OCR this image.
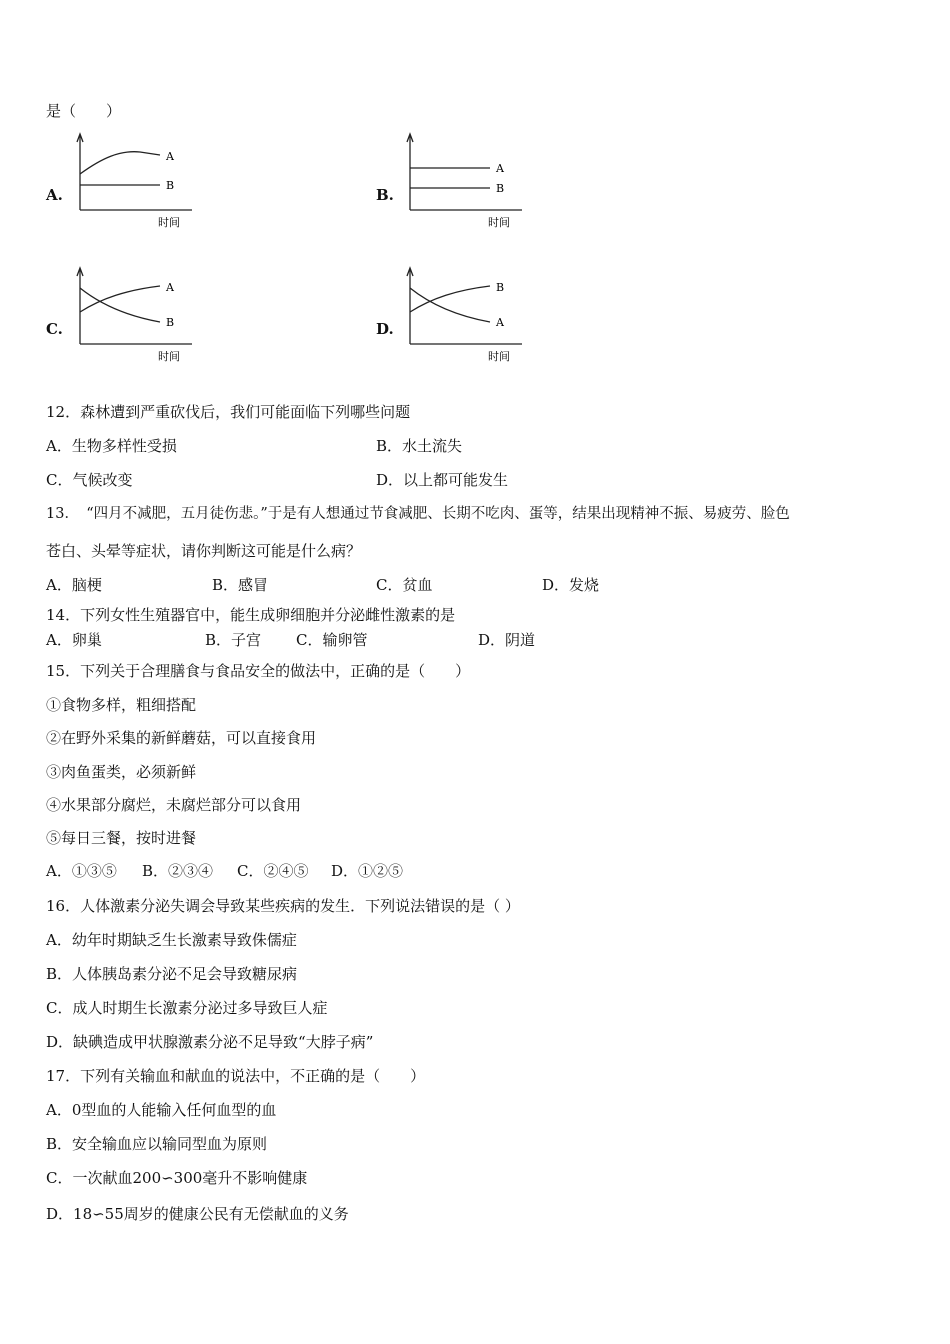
是（　　）
A.
A
B
时间
B.
A
B
时间
C.
A
B
时间
D.
B
A
时间
12．森林遭到严重砍伐后，我们可能面临下列哪些问题
A．生物多样性受损	B．水土流失
C．气候改变	D．以上都可能发生
13．　“四月不减肥，五月徒伤悲。”于是有人想通过节食减肥、长期不吃肉、蛋等，结果出现精神不振、易疲劳、脸色
苍白、头晕等症状，请你判断这可能是什么病？
A．脑梗	B．感冒	C．贫血	D．发烧
14．下列女性生殖器官中，能生成卵细胞并分泌雌性激素的是
A．卵巢	B．子宫 C．输卵管	D．阴道
15．下列关于合理膳食与食品安全的做法中，正确的是（　　）
①食物多样，粗细搭配
②在野外采集的新鲜蘑菇，可以直接食用
③肉鱼蛋类，必须新鲜
④水果部分腐烂，未腐烂部分可以食用
⑤每日三餐，按时进餐
A．①③⑤ B．②③④ C．②④⑤ D．①②⑤
16．人体激素分泌失调会导致某些疾病的发生．下列说法错误的是（ ）
A．幼年时期缺乏生长激素导致侏儒症
B．人体胰岛素分泌不足会导致糖尿病
C．成人时期生长激素分泌过多导致巨人症
D．缺碘造成甲状腺激素分泌不足导致“大脖子病”
17．下列有关输血和献血的说法中，不正确的是（　　）
A．0型血的人能输入任何血型的血
B．安全输血应以输同型血为原则
C．一次献血200∽300毫升不影响健康
D．18∽55周岁的健康公民有无偿献血的义务
